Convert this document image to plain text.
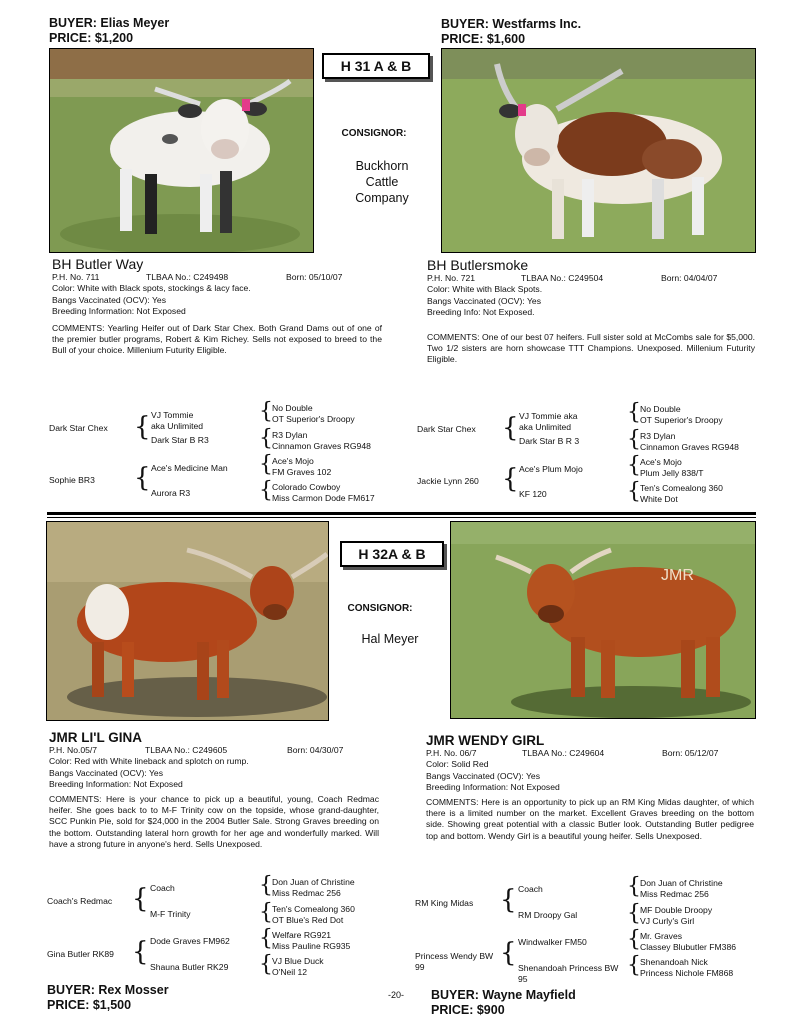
BUYER: Elias Meyer
PRICE: $1,200
BUYER: Westfarms Inc.
PRICE: $1,600
H 31 A & B
CONSIGNOR:
Buckhorn
Cattle
Company
BH Butler Way
P.H. No. 711	TLBAA No.: C249498	Born: 05/10/07
Color: White with Black spots, stockings & lacy face.
Bangs Vaccinated (OCV): Yes
Breeding Information: Not Exposed
COMMENTS: Yearling Heifer out of Dark Star Chex. Both Grand Dams out of one of the premier butler programs, Robert & Kim Richey. Sells not exposed to breed to the Bull of your choice. Millenium Futurity Eligible.
BH Butlersmoke
P.H. No. 721	TLBAA No.: C249504	Born: 04/04/07
Color: White with Black Spots.
Bangs Vaccinated (OCV): Yes
Breeding Info: Not Exposed.
COMMENTS: One of our best 07 heifers. Full sister sold at McCombs sale for $5,000. Two 1/2 sisters are horn showcase TTT Champions. Unexposed. Millenium Futurity Eligible.
Dark Star Chex { VJ Tommie
aka Unlimited
Dark Star B R3
{ No Double
OT Superior's Droopy
{ R3 Dylan
Cinnamon Graves RG948
Sophie BR3 { Ace's Medicine Man
Aurora R3
{ Ace's Mojo
FM Graves 102
{ Colorado Cowboy
Miss Carmon Dode FM617
Dark Star Chex { VJ Tommie aka
aka Unlimited
Dark Star B R 3
{ No Double
OT Superior's Droopy
{ R3 Dylan
Cinnamon Graves RG948
Jackie Lynn 260 { Ace's Plum Mojo
KF 120
{ Ace's Mojo
Plum Jelly 838/T
{ Ten's Comealong 360
White Dot
JMR
H 32A & B
CONSIGNOR:
Hal Meyer
JMR LI'L GINA
P.H. No.05/7	TLBAA No.: C249605	Born: 04/30/07
Color: Red with White lineback and splotch on rump.
Bangs Vaccinated (OCV): Yes
Breeding Information: Not Exposed
COMMENTS: Here is your chance to pick up a beautiful, young, Coach Redmac heifer. She goes back to to M-F Trinity cow on the topside, whose grand-daughter, SCC Punkin Pie, sold for $24,000 in the 2004 Butler Sale. Strong Graves breeding on the bottom. Outstanding lateral horn growth for her age and wonderfully marked. Will have a strong future in anyone's herd. Sells Unexposed.
JMR WENDY GIRL
P.H. No. 06/7	TLBAA No.: C249604	Born: 05/12/07
Color: Solid Red
Bangs Vaccinated (OCV): Yes
Breeding Information: Not Exposed
COMMENTS: Here is an opportunity to pick up an RM King Midas daughter, of which there is a limited number on the market. Excellent Graves breeding on the bottom side. Showing great potential with a classic Butler look. Outstanding Butler pedigree top and bottom. Wendy Girl is a beautiful young heifer. Sells Unexposed.
Coach's Redmac { Coach
M-F Trinity
{ Don Juan of Christine
Miss Redmac 256
{ Ten's Comealong 360
OT Blue's Red Dot
Gina Butler RK89 { Dode Graves FM962
Shauna Butler RK29
{ Welfare RG921
Miss Pauline RG935
{ VJ Blue Duck
O'Neil 12
RM King Midas { Coach
RM Droopy Gal
{ Don Juan of Christine
Miss Redmac 256
{ MF Double Droopy
VJ Curly's Girl
Princess Wendy BW 99	{ Windwalker FM50
Shenandoah Princess BW 95
{ Mr. Graves
Classey Blubutler FM386
{ Shenandoah Nick
Princess Nichole FM868
BUYER: Rex Mosser
PRICE: $1,500
-20- BUYER: Wayne Mayfield
PRICE: $900
